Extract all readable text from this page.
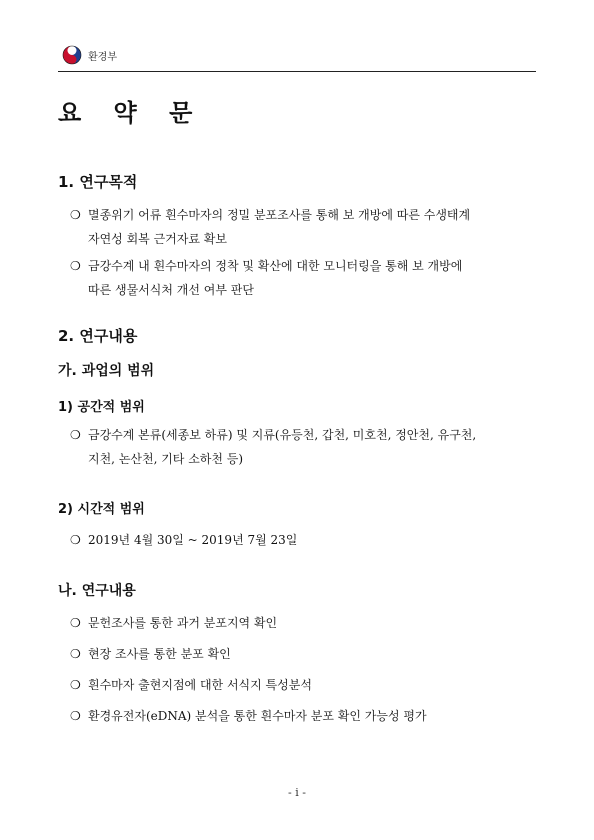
환경부
요 약 문
1. 연구목적
❍ 멸종위기 어류 흰수마자의 정밀 분포조사를 통해 보 개방에 따른 수생태계
자연성 회복 근거자료 확보
❍ 금강수계 내 흰수마자의 정착 및 확산에 대한 모니터링을 통해 보 개방에
따른 생물서식처 개선 여부 판단
2. 연구내용
가. 과업의 범위
1) 공간적 범위
❍ 금강수계 본류(세종보 하류) 및 지류(유등천, 갑천, 미호천, 정안천, 유구천,
지천, 논산천, 기타 소하천 등)
2) 시간적 범위
❍ 2019년 4월 30일 ~ 2019년 7월 23일
나. 연구내용
❍ 문헌조사를 통한 과거 분포지역 확인
❍ 현장 조사를 통한 분포 확인
❍ 흰수마자 출현지점에 대한 서식지 특성분석
❍ 환경유전자(eDNA) 분석을 통한 흰수마자 분포 확인 가능성 평가
- i -
